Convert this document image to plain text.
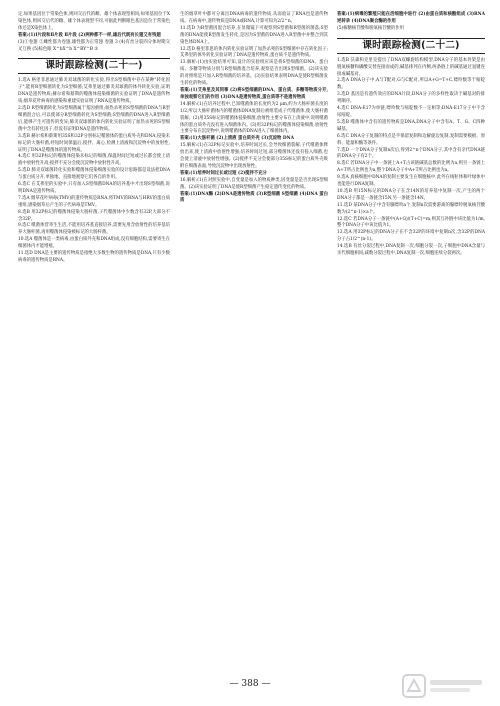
定,如果基因位于常染色体,则回交后代的雌、雄个体表现型相同;如果基因位于X染色体,则回交后代的雌、雄个体表现型不同,可据此判断眼色基因是位于常染色体还是X染色体上。

答案:(1)Ⅰ片段和Ⅱ片段 Ⅱ片段 (2)两种都不一样,雄后代既有长翅又有残翅

(3)①卷翅 ②雌性都为卷翅,雄性都为正常翅 卷翅 3 (4)有丝分裂四分体时期交叉互换 (5)棕色眼 X^bX^b X^BY^B ②

课时跟踪检测(二十一)

1.选A 格里菲思通过肺炎双球菌的转化实验,得出S型细菌中存在某种"转化因子",能将R型细菌转化为S型细菌;艾弗里通过肺炎双球菌的体外转化实验,证明DNA是遗传物质;赫尔希和蔡斯的噬菌体侵染细菌的实验证明了DNA是遗传物质;烟草花叶病毒的感染和重建实验证明了RNA是遗传物质。

2.选D R型细菌转化为S型细菌属于基因重组;加热杀死的S型细菌的DNA与R型细菌混合后,可以使部分R型细菌转化为S型细菌;S型细菌的DNA进入R型细菌后,能够产生可遗传的变异;肺炎双球菌的体内转化实验证明了加热杀死的S型细菌中含有转化因子,但没有证明DNA是遗传物质。

3.选B 赫尔希和蔡斯用35S和32P分别标记噬菌体的蛋白质外壳和DNA,侵染未标记的大肠杆菌,经短时间保温后,搅拌、离心,检测上清液和沉淀物中的放射性,证明了DNA是噬菌体的遗传物质。

4.选C 用32P标记的噬菌体侵染未标记的细菌,保温时间过短或过长都会使上清液中放射性升高;搅拌不充分会使沉淀物中放射性升高。

5.选D 肺炎双球菌转化实验和噬菌体侵染细菌实验的设计思路都是设法把DNA与蛋白质分开,单独地、直接地观察它们各自的作用。

6.选C 在艾弗里的实验中,只有加入S型细菌DNA的培养基中才出现S型细菌,说明DNA是遗传物质。

7.选A 烟草花叶病毒(TMV)的遗传物质是RNA,将TMV的RNA与HRV的蛋白质重组,感染烟草后产生的子代病毒是TMV。

8.选B 用32P标记的噬菌体侵染大肠杆菌,子代噬菌体中少数含有32P,大部分不含32P。

9.选C 噬菌体营寄生生活,不能用培养基直接培养,需要先用含放射性的培养基培养大肠杆菌,再用噬菌体侵染被标记的大肠杆菌。

10.选A 噬菌体是一类病毒,由蛋白质外壳和DNA组成,没有细胞结构,需要寄生在细菌体内才能增殖。

11.选D DNA是主要的遗传物质是指绝大多数生物的遗传物质是DNA,只有少数病毒的遗传物质是RNA。

生的烟草叶中都可分离出DNA病毒的遗传物质,从而验证了RNA也是遗传物质。在病毒中,遗传物质是DNA或RNA,计算可知为2/2^n。

11.选D 为R型菌因混合培养,在显微镜下可观察到S型菌和R型菌的菌落;S型菌的DNA能使R型菌发生转化,是因为S型菌的DNA进入R型菌中并整合到其染色体DNA上。

12.选D 格里菲思的体内转化实验证明了加热杀死的S型细菌中存在转化因子;艾弗里的体外转化实验证明了DNA是遗传物质,蛋白质不是遗传物质。

13.解析:(1)由实验结果可知,设计的实验组应该是将S型细菌的DNA、蛋白质、多糖等物质分别与R型细菌混合培养,观察是否出现S型细菌。(2)该实验的对照组是只加入R型细菌的培养基。(3)实验结果表明DNA是使R型细菌发生转化的物质。

答案:(1)艾弗里及其同事 (2)将S型细菌的DNA、蛋白质、多糖等物质分开,单独观察它们的作用 (3)DNA是遗传物质,蛋白质等不是遗传物质

14.解析:(1)在培养过程中,已知噬菌体的长度约为2 μm,约为大肠杆菌长度的1/2,所以大肠杆菌体内的噬菌体DNA复制后被组装成子代噬菌体,使大肠杆菌裂解。(2)用35S标记的噬菌体侵染细菌,放射性主要分布在上清液中,说明噬菌体的蛋白质外壳没有进入细菌体内。(3)用32P标记的噬菌体侵染细菌,放射性主要分布在沉淀物中,说明噬菌体的DNA进入了细菌体内。

答案:(1)大肠杆菌 (2)上清液 蛋白质外壳 (3)沉淀物 DNA

15.解析:(1)在32P标记实验中,培养时间过长,会导致细菌裂解,子代噬菌体释放出来,使上清液中放射性增强;培养时间过短,部分噬菌体还没有侵入细菌,也会使上清液中放射性增强。(2)搅拌不充分会使部分35S标记的蛋白质外壳吸附在细菌表面,导致沉淀物中出现放射性。

答案:(1)培养时间过长或过短 (2)搅拌不充分

16.解析:(1)在对照实验中,自变量是加入的物质种类,因变量是是否出现S型细菌。(2)该实验证明了DNA是使R型细菌产生稳定遗传变化的物质。

答案:(1)DNA酶 (2)DNA是遗传物质 (3)R型细菌 S型细菌 (4)DNA 蛋白质

答案:(1)病毒的繁殖只能在活细胞中进行 (2)由蛋白质和核酸组成 (3)RNA 逆转录 (4)DNA聚合酶的作用

(5)核糖核苷酸和脱氧核苷酸的作用

课时跟踪检测(二十二)

1.选B 沃森和克里克提出了DNA双螺旋结构模型,DNA分子的基本骨架是由脱氧核糖和磷酸交替连接而成的,碱基排列在内侧,两条链上的碱基通过氢键连接成碱基对。

2.选A DNA分子中,A与T配对,G与C配对,所以A+G=T+C,嘌呤数等于嘧啶数。

3.选D 基因是有遗传效应的DNA片段,DNA分子的多样性取决于碱基对的排列顺序。

4.选C DNA-E17为单链,嘌呤数与嘧啶数不一定相等;DNA-E17分子中不含尿嘧啶。

5.选B 噬菌体中含有的遗传物质是DNA,DNA分子中含有A、T、G、C四种碱基。

6.选C DNA分子复制的特点是半保留复制和边解旋边复制,复制需要模板、原料、能量和酶等条件。

7.选D 一个DNA分子复制n次后,得到2^n个DNA分子,其中含有亲代DNA链的DNA分子有2个。

8.选C 若DNA分子中一条链上A+T占该链碱基总数的比例为a,则另一条链上A+T所占比例也为a,整个DNA分子中A+T所占比例也为a。

9.选A 真核细胞中DNA的复制主要发生在细胞核中,此外在线粒体和叶绿体中也能进行DNA复制。

10.选B 用15N标记的DNA分子在含14N的培养基中复制一次,产生的两个DNA分子都是一条链含15N,另一条链含14N。

11.选D 某DNA分子中含有腺嘌呤a个,复制n次需要游离的腺嘌呤脱氧核苷酸数为(2^n-1)×a个。

12.选C 若DNA分子一条链中(A+G)/(T+C)=m,则其互补链中该比值为1/m,整个DNA分子中该比值为1。

13.选A 用32P标记的DNA分子在不含32P的环境中复制n次,含32P的DNA分子占1/2^(n-1)。

14.选B 有丝分裂过程中,DNA复制一次,细胞分裂一次,子细胞中DNA含量与亲代细胞相同;减数分裂过程中,DNA复制一次,细胞连续分裂两次。

— 388 —
